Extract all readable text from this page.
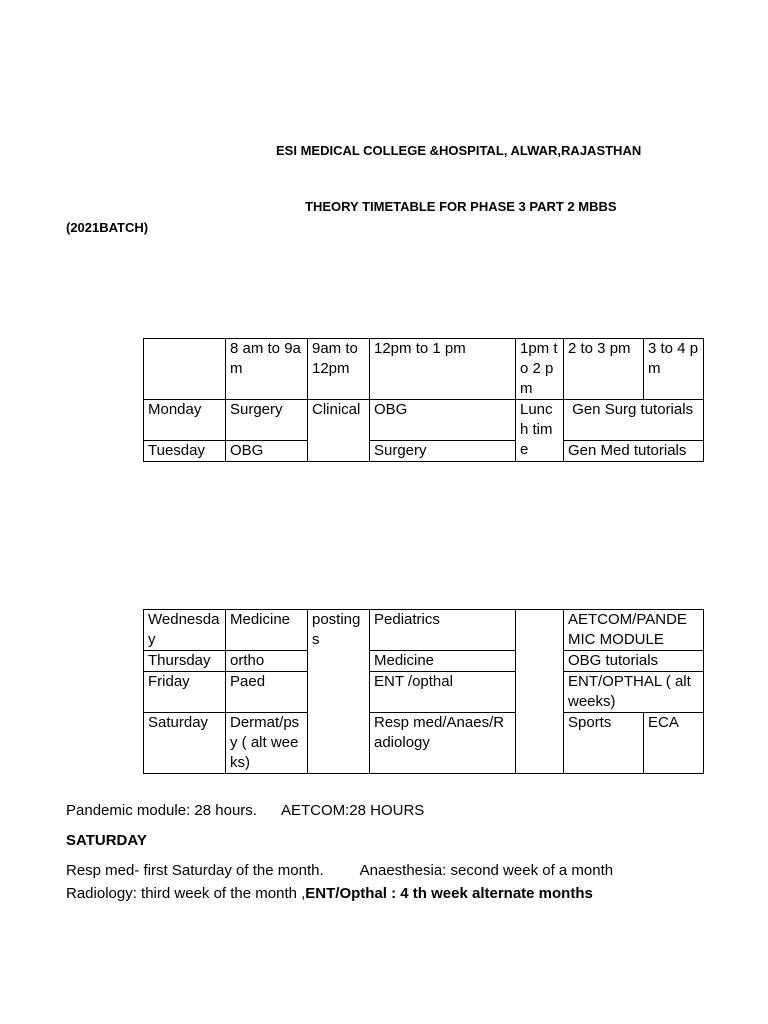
ESI MEDICAL COLLEGE &HOSPITAL, ALWAR,RAJASTHAN
THEORY TIMETABLE FOR PHASE 3 PART 2 MBBS
(2021BATCH)
	8 am to 9am	9am to 12pm	12pm to 1 pm	1pm to 2 pm	2 to 3 pm	3 to 4 pm
Monday	Surgery	Clinical	OBG	Lunch time	Gen Surg tutorials	
Tuesday	OBG		Surgery		Gen Med tutorials	
Wednesday	Medicine	postings	Pediatrics		AETCOM/PANDEMIC MODULE	
Thursday	ortho		Medicine		OBG tutorials	
Friday	Paed		ENT /opthal		ENT/OPTHAL ( alt weeks)	
Saturday	Dermat/psy ( alt weeks)		Resp med/Anaes/Radiology		Sports	ECA
Pandemic module: 28 hours. AETCOM:28 HOURS
SATURDAY
Resp med- first Saturday of the month. Anaesthesia: second week of a month
Radiology: third week of the month ,ENT/Opthal : 4 th week alternate months
